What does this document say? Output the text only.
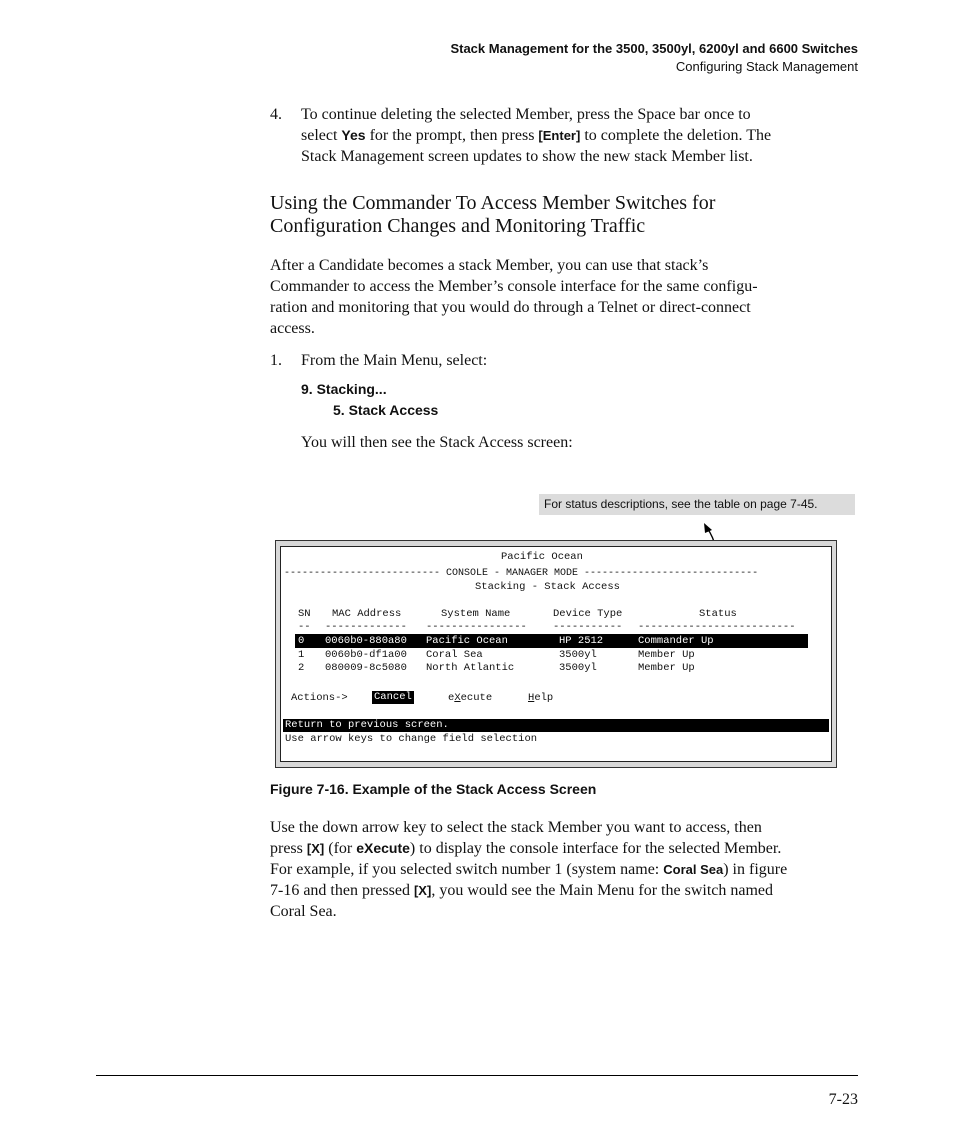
Stack Management for the 3500, 3500yl, 6200yl and 6600 Switches
Configuring Stack Management
4. To continue deleting the selected Member, press the Space bar once to
select Yes for the prompt, then press [Enter] to complete the deletion. The
Stack Management screen updates to show the new stack Member list.
Using the Commander To Access Member Switches for
Configuration Changes and Monitoring Traffic
After a Candidate becomes a stack Member, you can use that stack’s
Commander to access the Member’s console interface for the same configu-
ration and monitoring that you would do through a Telnet or direct-connect
access.
1. From the Main Menu, select:
9. Stacking...
5. Stack Access
You will then see the Stack Access screen:
For status descriptions, see the table on page 7-45.
Pacific Ocean
-------------------------- CONSOLE - MANAGER MODE -----------------------------
Stacking - Stack Access
SN MAC Address	System Name	Device Type	Status
-- ------------- ---------------- ----------- -------------------------
0 0060b0-880a80 Pacific Ocean	HP 2512	Commander Up
1 0060b0-df1a00 Coral Sea	3500yl	Member Up
2 080009-8c5080 North Atlantic	3500yl	Member Up
Actions->	Cancel	eXecute	Help
Return to previous screen.
Use arrow keys to change field selection
Figure 7-16. Example of the Stack Access Screen
Use the down arrow key to select the stack Member you want to access, then
press [X] (for eXecute) to display the console interface for the selected Member.
For example, if you selected switch number 1 (system name: Coral Sea) in figure
7-16 and then pressed [X], you would see the Main Menu for the switch named
Coral Sea.
7-23
